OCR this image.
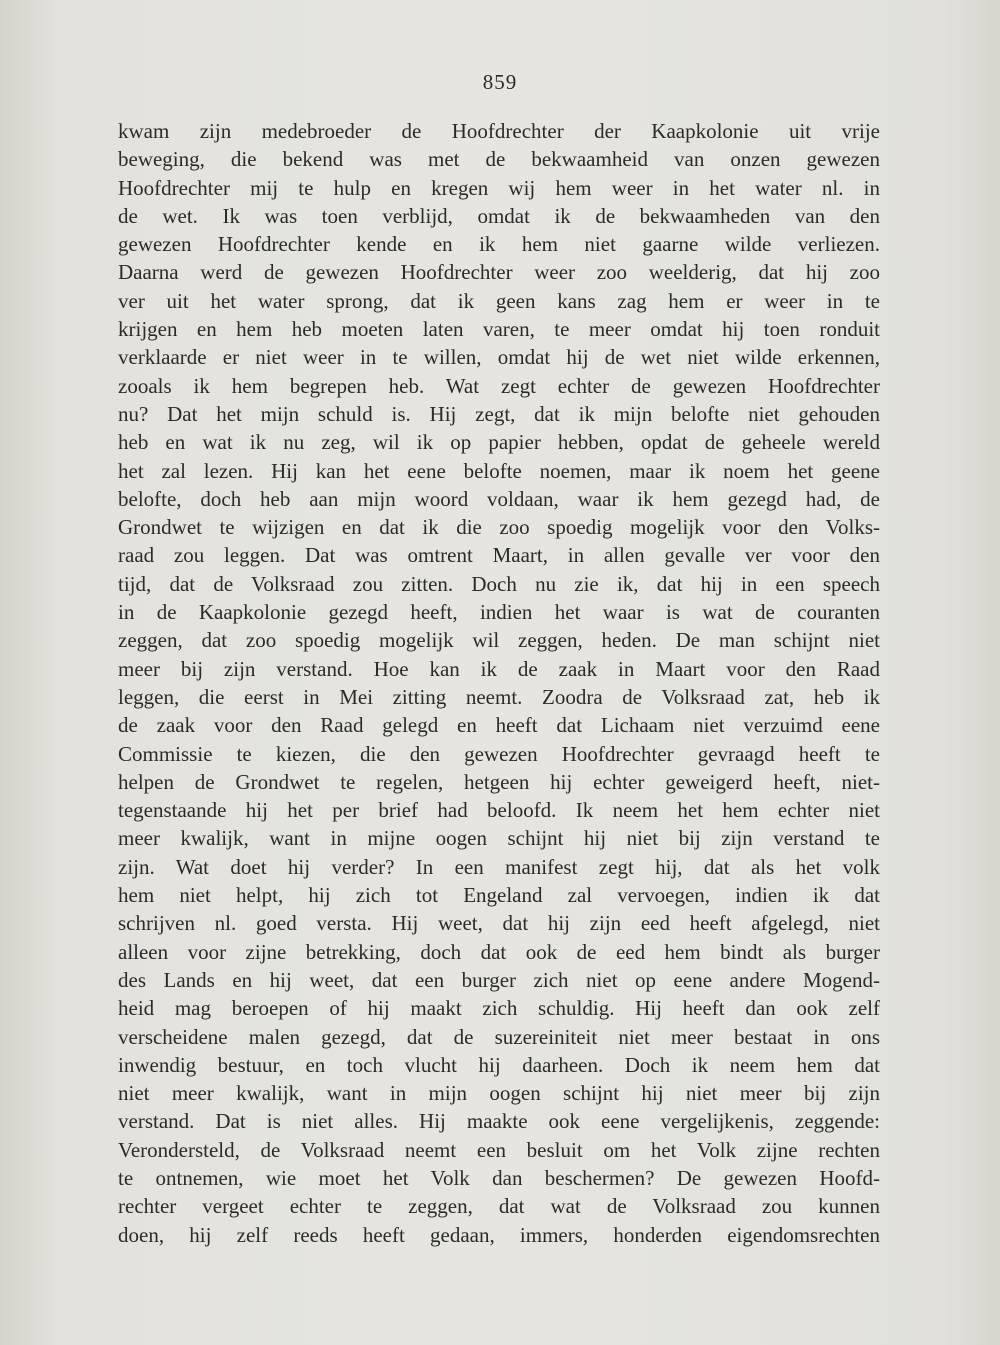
859
kwam zijn medebroeder de Hoofdrechter der Kaapkolonie uit vrije
beweging, die bekend was met de bekwaamheid van onzen gewezen
Hoofdrechter mij te hulp en kregen wij hem weer in het water nl. in
de wet. Ik was toen verblijd, omdat ik de bekwaamheden van den
gewezen Hoofdrechter kende en ik hem niet gaarne wilde verliezen.
Daarna werd de gewezen Hoofdrechter weer zoo weelderig, dat hij zoo
ver uit het water sprong, dat ik geen kans zag hem er weer in te
krijgen en hem heb moeten laten varen, te meer omdat hij toen ronduit
verklaarde er niet weer in te willen, omdat hij de wet niet wilde erkennen,
zooals ik hem begrepen heb. Wat zegt echter de gewezen Hoofdrechter
nu? Dat het mijn schuld is. Hij zegt, dat ik mijn belofte niet gehouden
heb en wat ik nu zeg, wil ik op papier hebben, opdat de geheele wereld
het zal lezen. Hij kan het eene belofte noemen, maar ik noem het geene
belofte, doch heb aan mijn woord voldaan, waar ik hem gezegd had, de
Grondwet te wijzigen en dat ik die zoo spoedig mogelijk voor den Volks-
raad zou leggen. Dat was omtrent Maart, in allen gevalle ver voor den
tijd, dat de Volksraad zou zitten. Doch nu zie ik, dat hij in een speech
in de Kaapkolonie gezegd heeft, indien het waar is wat de couranten
zeggen, dat zoo spoedig mogelijk wil zeggen, heden. De man schijnt niet
meer bij zijn verstand. Hoe kan ik de zaak in Maart voor den Raad
leggen, die eerst in Mei zitting neemt. Zoodra de Volksraad zat, heb ik
de zaak voor den Raad gelegd en heeft dat Lichaam niet verzuimd eene
Commissie te kiezen, die den gewezen Hoofdrechter gevraagd heeft te
helpen de Grondwet te regelen, hetgeen hij echter geweigerd heeft, niet-
tegenstaande hij het per brief had beloofd. Ik neem het hem echter niet
meer kwalijk, want in mijne oogen schijnt hij niet bij zijn verstand te
zijn. Wat doet hij verder? In een manifest zegt hij, dat als het volk
hem niet helpt, hij zich tot Engeland zal vervoegen, indien ik dat
schrijven nl. goed versta. Hij weet, dat hij zijn eed heeft afgelegd, niet
alleen voor zijne betrekking, doch dat ook de eed hem bindt als burger
des Lands en hij weet, dat een burger zich niet op eene andere Mogend-
heid mag beroepen of hij maakt zich schuldig. Hij heeft dan ook zelf
verscheidene malen gezegd, dat de suzereiniteit niet meer bestaat in ons
inwendig bestuur, en toch vlucht hij daarheen. Doch ik neem hem dat
niet meer kwalijk, want in mijn oogen schijnt hij niet meer bij zijn
verstand. Dat is niet alles. Hij maakte ook eene vergelijkenis, zeggende:
Verondersteld, de Volksraad neemt een besluit om het Volk zijne rechten
te ontnemen, wie moet het Volk dan beschermen? De gewezen Hoofd-
rechter vergeet echter te zeggen, dat wat de Volksraad zou kunnen
doen, hij zelf reeds heeft gedaan, immers, honderden eigendomsrechten
